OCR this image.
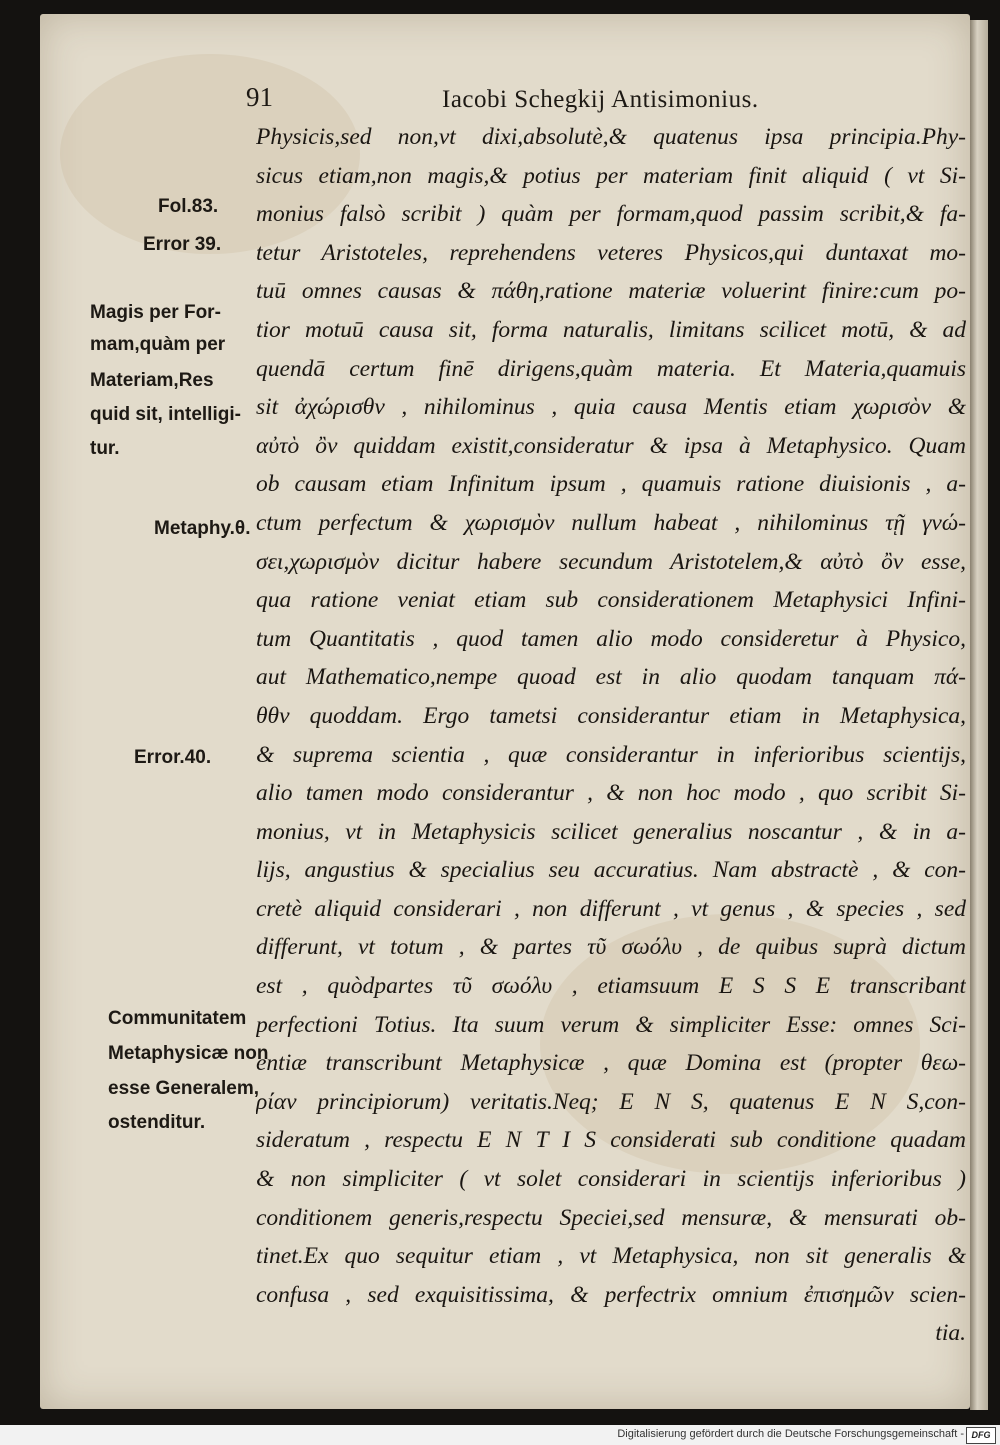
91	Iacobi Schegkij Antisimonius.
Fol.83.
Error 39.
Magis per For-
mam,quàm per
Materiam,Res
quid sit, intelligi-
tur.
Metaphy.θ.
Error.40.
Communitatem
Metaphysicæ non
esse Generalem,
ostenditur.
Physicis,sed non,vt dixi,absolutè,& quatenus ipsa principia.Phy-
sicus etiam,non magis,& potius per materiam finit aliquid ( vt Si-
monius falsò scribit ) quàm per formam,quod passim scribit,& fa-
tetur Aristoteles, reprehendens veteres Physicos,qui duntaxat mo-
tuū omnes causas & πάθη,ratione materiæ voluerint finire:cum po-
tior motuū causa sit, forma naturalis, limitans scilicet motū, & ad
quendā certum finē dirigens,quàm materia. Et Materia,quamuis
sit ἀχώρισθν , nihilominus , quia causa Mentis etiam χωρισὸν &
αὐτὸ ὂν quiddam existit,consideratur & ipsa à Metaphysico. Quam
ob causam etiam Infinitum ipsum , quamuis ratione diuisionis , a-
ctum perfectum & χωρισμὸν nullum habeat , nihilominus τῇ γνώ-
σει,χωρισμὸν dicitur habere secundum Aristotelem,& αὐτὸ ὂν esse,
qua ratione veniat etiam sub considerationem Metaphysici Infini-
tum Quantitatis , quod tamen alio modo consideretur à Physico,
aut Mathematico,nempe quoad est in alio quodam tanquam πά-
θθν quoddam. Ergo tametsi considerantur etiam in Metaphysica,
& suprema scientia , quæ considerantur in inferioribus scientijs,
alio tamen modo considerantur , & non hoc modo , quo scribit Si-
monius, vt in Metaphysicis scilicet generalius noscantur , & in a-
lijs, angustius & specialius seu accuratius. Nam abstractè , & con-
cretè aliquid considerari , non differunt , vt genus , & species , sed
differunt, vt totum , & partes τῦ σωόλυ , de quibus suprà dictum
est , quòdpartes τῦ σωόλυ , etiamsuum E S S E transcribant
perfectioni Totius. Ita suum verum & simpliciter Esse: omnes Sci-
entiæ transcribunt Metaphysicæ , quæ Domina est (propter θεω-
ρίαν principiorum) veritatis.Neq; E N S, quatenus E N S,con-
sideratum , respectu E N T I S considerati sub conditione quadam
& non simpliciter ( vt solet considerari in scientijs inferioribus )
conditionem generis,respectu Speciei,sed mensuræ, & mensurati ob-
tinet.Ex quo sequitur etiam , vt Metaphysica, non sit generalis &
confusa , sed exquisitissima, & perfectrix omnium ἐπισημῶν scien-
tia.
Digitalisierung gefördert durch die Deutsche Forschungsgemeinschaft - DFG
